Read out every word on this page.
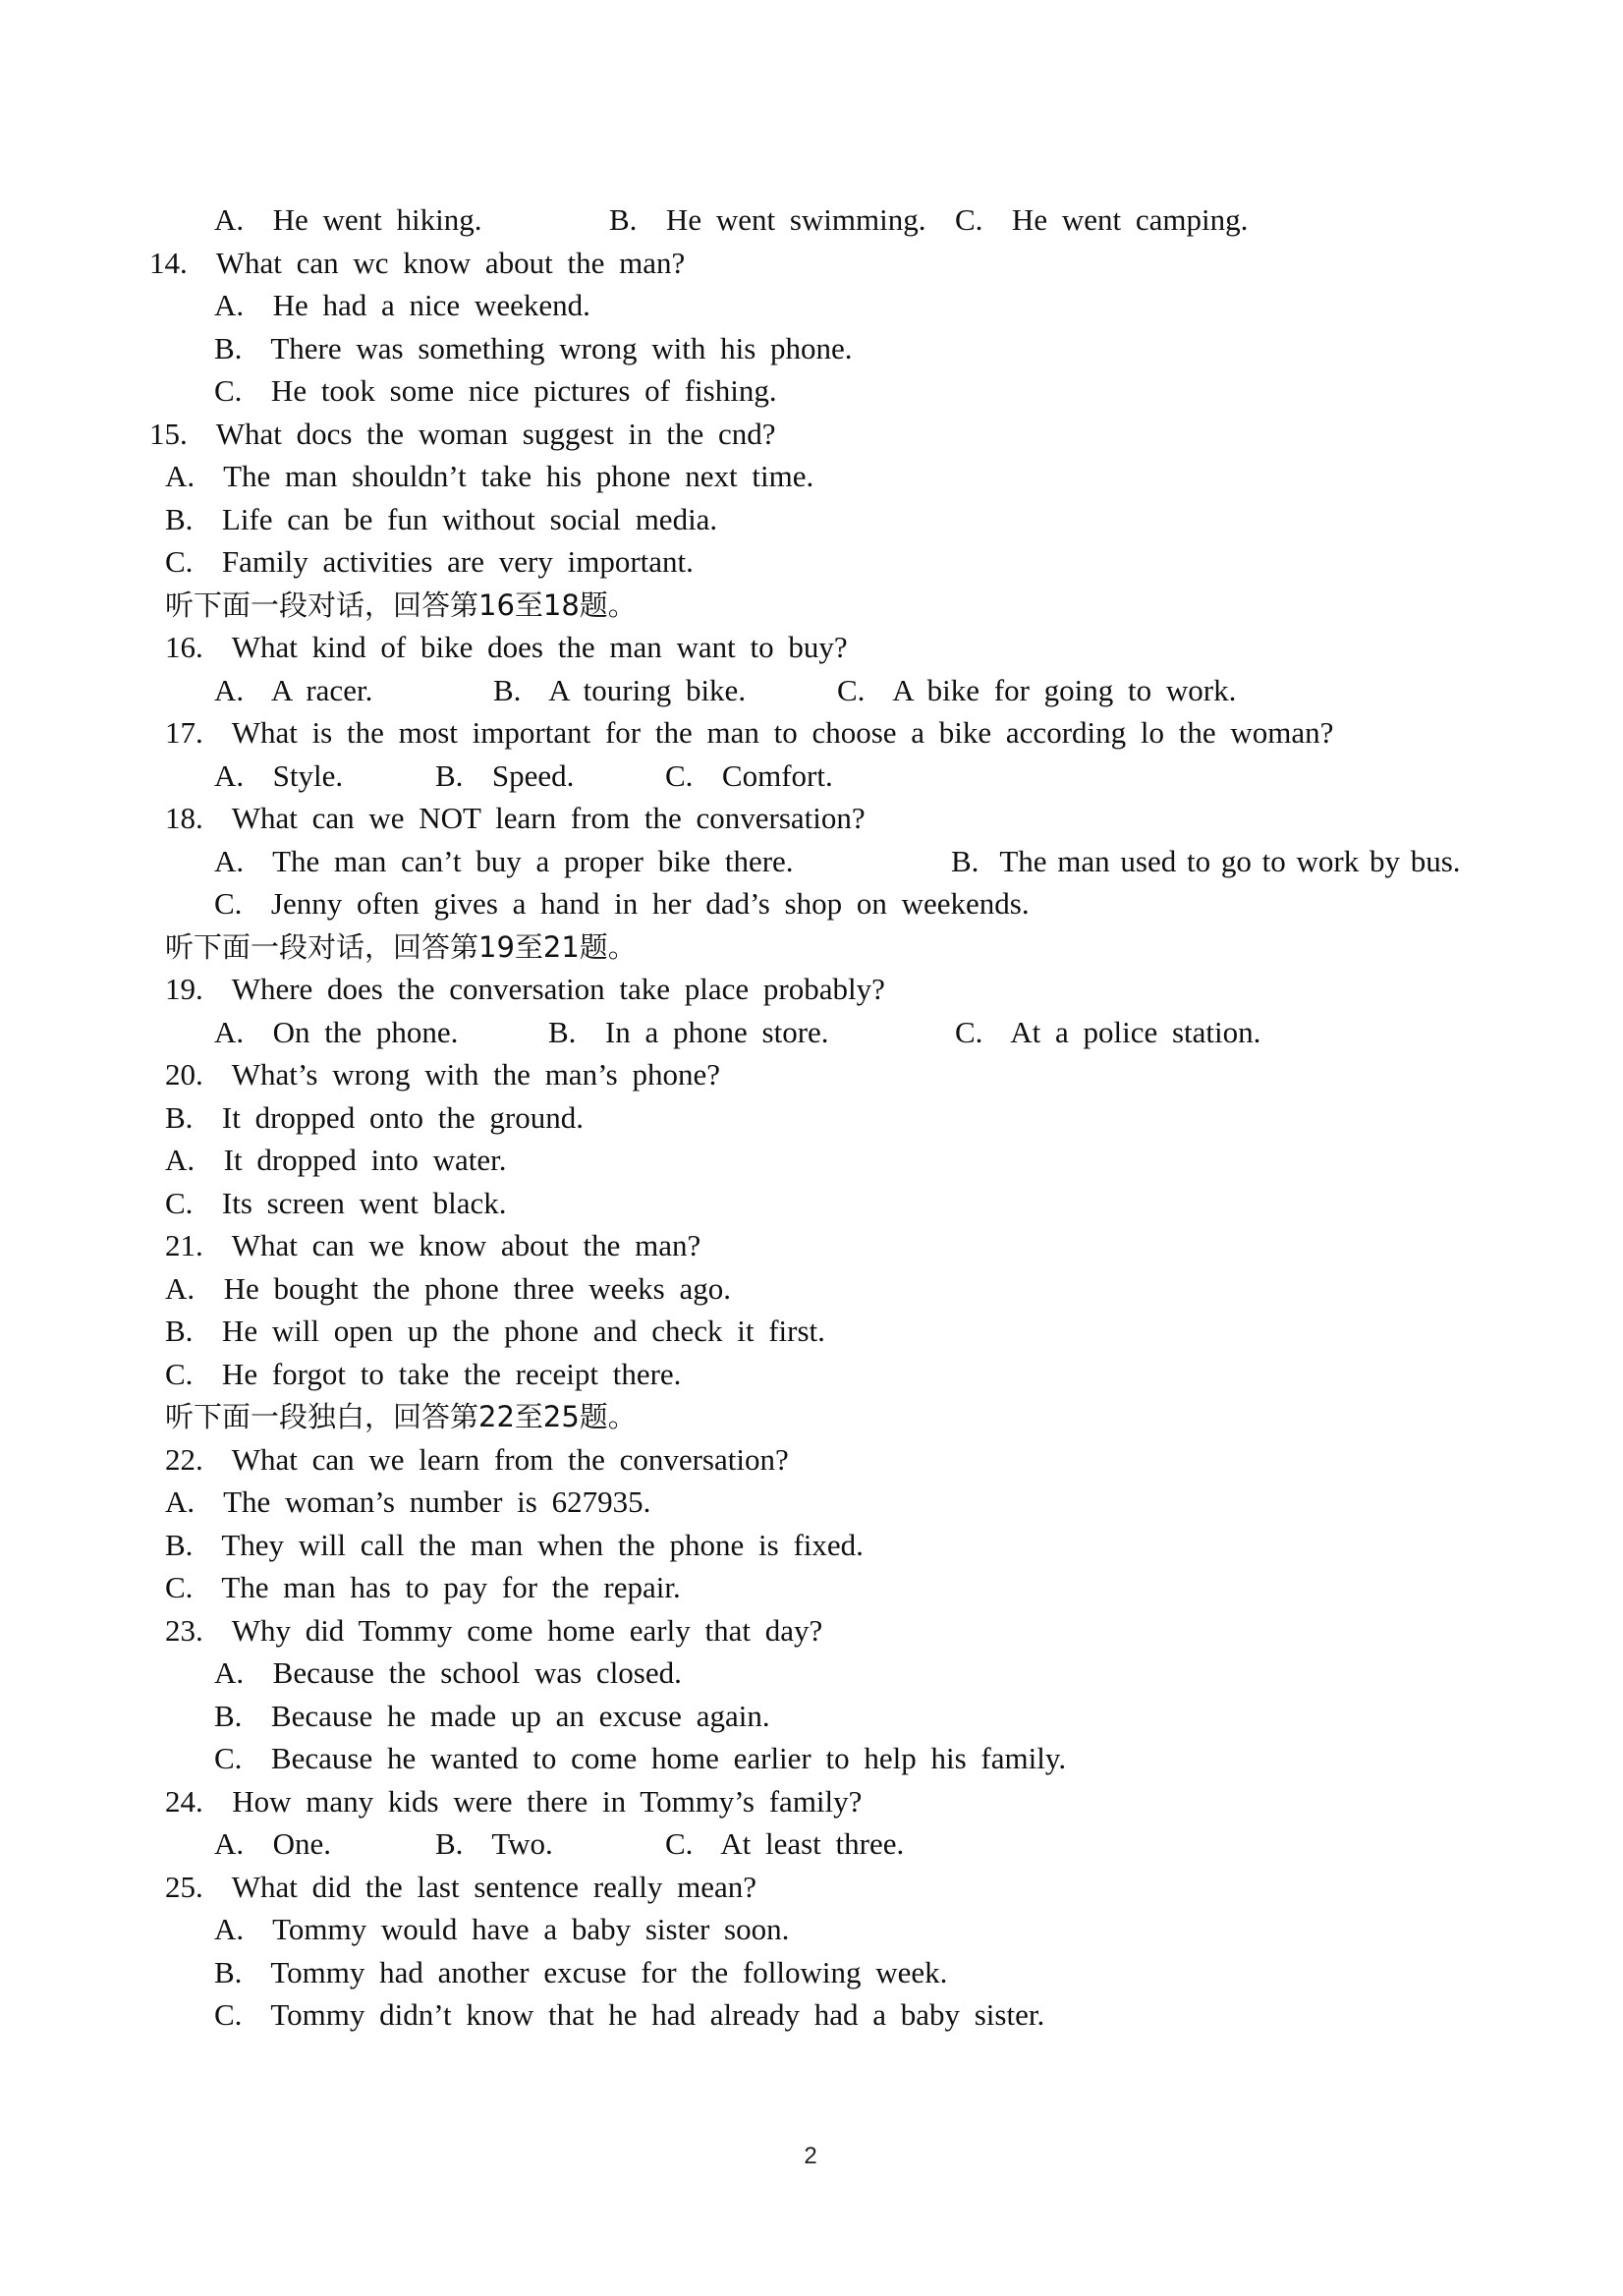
A.  He went hiking.	B.  He went swimming. C.  He went camping.
14.  What can wc know about the man?
A.  He had a nice weekend.
B.  There was something wrong with his phone.
C.  He took some nice pictures of fishing.
15.  What docs the woman suggest in the cnd?
A.  The man shouldn’t take his phone next time.
B.  Life can be fun without social media.
C.  Family activities are very important.
听下面一段对话，回答第16至18题。
16.  What kind of bike does the man want to buy?
A.  A racer.	B.  A touring bike.	C.  A bike for going to work.
17.  What is the most important for the man to choose a bike according lo the woman?
A.  Style.	B.  Speed.	C.  Comfort.
18.  What can we NOT learn from the conversation?
A.  The man can’t buy a proper bike there.	B.  The man used to go to work by bus.
C.  Jenny often gives a hand in her dad’s shop on weekends.
听下面一段对话，回答第19至21题。
19.  Where does the conversation take place probably?
A.  On the phone.	B.  In a phone store.	C.  At a police station.
20.  What’s wrong with the man’s phone?
B.  It dropped onto the ground.
A.  It dropped into water.
C.  Its screen went black.
21.  What can we know about the man?
A.  He bought the phone three weeks ago.
B.  He will open up the phone and check it first.
C.  He forgot to take the receipt there.
听下面一段独白，回答第22至25题。
22.  What can we learn from the conversation?
A.  The woman’s number is 627935.
B.  They will call the man when the phone is fixed.
C.  The man has to pay for the repair.
23.  Why did Tommy come home early that day?
A.  Because the school was closed.
B.  Because he made up an excuse again.
C.  Because he wanted to come home earlier to help his family.
24.  How many kids were there in Tommy’s family?
A.  One.	B.  Two.	C.  At least three.
25.  What did the last sentence really mean?
A.  Tommy would have a baby sister soon.
B.  Tommy had another excuse for the following week.
C.  Tommy didn’t know that he had already had a baby sister.
2
